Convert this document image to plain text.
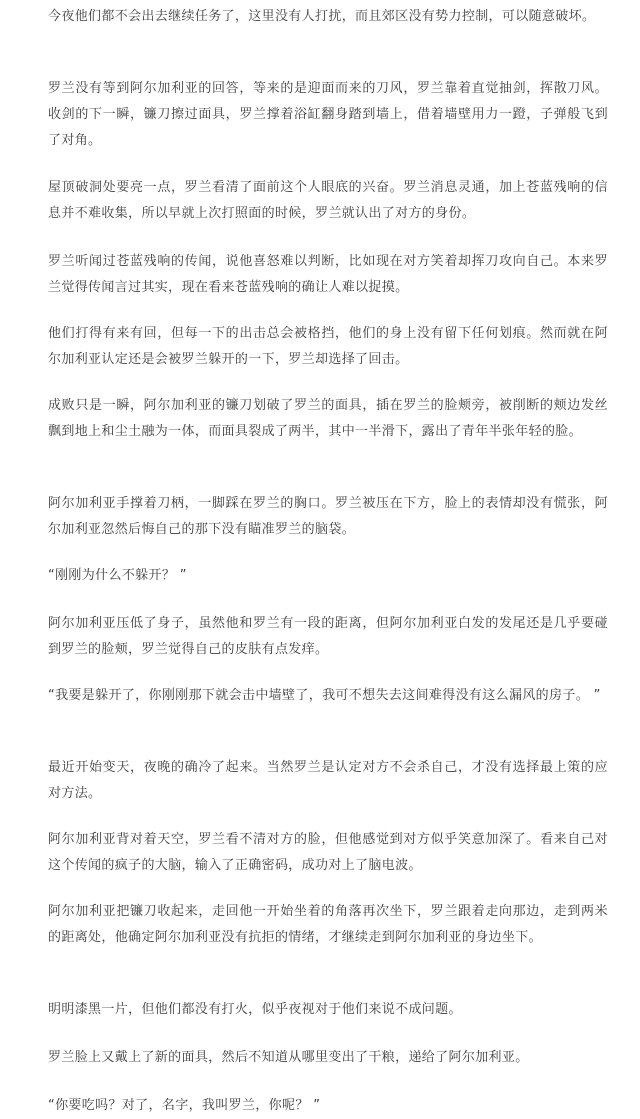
今夜他们都不会出去继续任务了，这里没有人打扰，而且郊区没有势力控制，可以随意破坏。

罗兰没有等到阿尔加利亚的回答，等来的是迎面而来的刀风，罗兰靠着直觉抽剑，挥散刀风。收剑的下一瞬，镰刀擦过面具，罗兰撑着浴缸翻身踏到墙上，借着墙壁用力一蹬，子弹般飞到了对角。

屋顶破洞处要亮一点，罗兰看清了面前这个人眼底的兴奋。罗兰消息灵通，加上苍蓝残响的信息并不难收集，所以早就上次打照面的时候，罗兰就认出了对方的身份。

罗兰听闻过苍蓝残响的传闻，说他喜怒难以判断，比如现在对方笑着却挥刀攻向自己。本来罗兰觉得传闻言过其实，现在看来苍蓝残响的确让人难以捉摸。

他们打得有来有回，但每一下的出击总会被格挡，他们的身上没有留下任何划痕。然而就在阿尔加利亚认定还是会被罗兰躲开的一下，罗兰却选择了回击。

成败只是一瞬，阿尔加利亚的镰刀划破了罗兰的面具，插在罗兰的脸颊旁，被削断的颊边发丝飘到地上和尘土融为一体，而面具裂成了两半，其中一半滑下，露出了青年半张年轻的脸。

阿尔加利亚手撑着刀柄，一脚踩在罗兰的胸口。罗兰被压在下方，脸上的表情却没有慌张，阿尔加利亚忽然后悔自己的那下没有瞄准罗兰的脑袋。

“刚刚为什么不躲开？ ”

阿尔加利亚压低了身子，虽然他和罗兰有一段的距离，但阿尔加利亚白发的发尾还是几乎要碰到罗兰的脸颊，罗兰觉得自己的皮肤有点发痒。

“我要是躲开了，你刚刚那下就会击中墙壁了，我可不想失去这间难得没有这么漏风的房子。 ”

最近开始变天，夜晚的确冷了起来。当然罗兰是认定对方不会杀自己，才没有选择最上策的应对方法。

阿尔加利亚背对着天空，罗兰看不清对方的脸，但他感觉到对方似乎笑意加深了。看来自己对这个传闻的疯子的大脑，输入了正确密码，成功对上了脑电波。

阿尔加利亚把镰刀收起来，走回他一开始坐着的角落再次坐下，罗兰跟着走向那边，走到两米的距离处，他确定阿尔加利亚没有抗拒的情绪，才继续走到阿尔加利亚的身边坐下。

明明漆黑一片，但他们都没有打火，似乎夜视对于他们来说不成问题。

罗兰脸上又戴上了新的面具，然后不知道从哪里变出了干粮，递给了阿尔加利亚。

“你要吃吗？对了，名字，我叫罗兰，你呢？ ”
